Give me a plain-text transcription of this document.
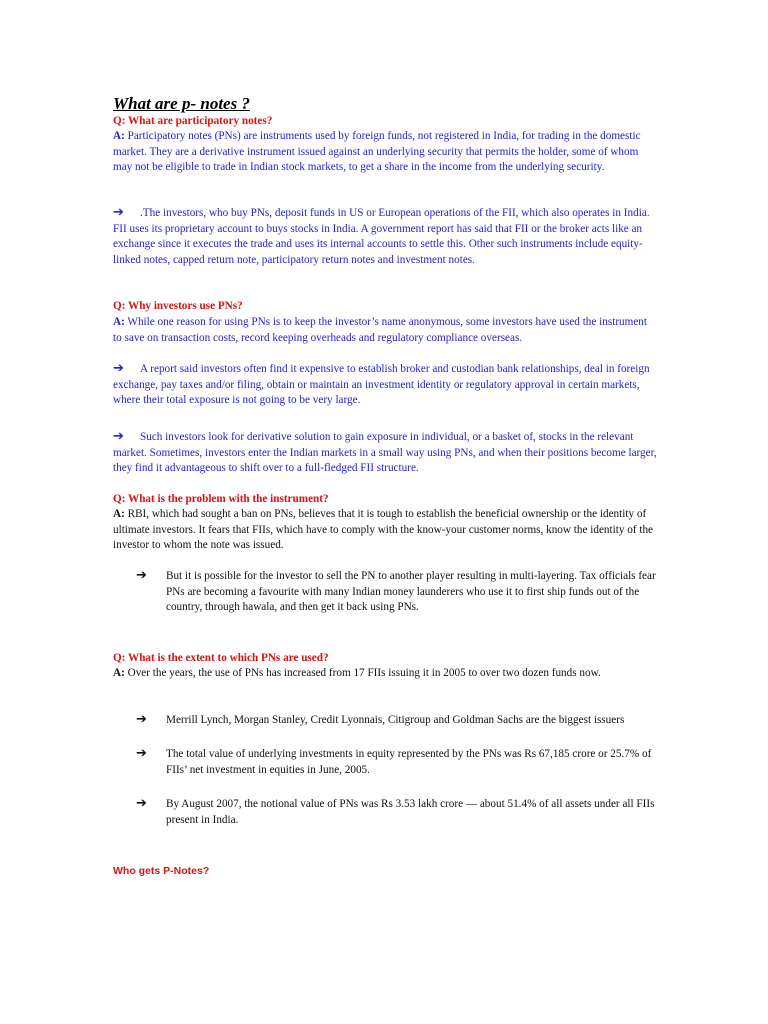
What are p- notes ?

Q: What are participatory notes?

A: Participatory notes (PNs) are instruments used by foreign funds, not registered in India, for trading in the domestic market. They are a derivative instrument issued against an underlying security that permits the holder, some of whom may not be eligible to trade in Indian stock markets, to get a share in the income from the underlying security.

➔ .The investors, who buy PNs, deposit funds in US or European operations of the FII, which also operates in India. FII uses its proprietary account to buys stocks in India. A government report has said that FII or the broker acts like an exchange since it executes the trade and uses its internal accounts to settle this. Other such instruments include equity-linked notes, capped return note, participatory return notes and investment notes.

Q: Why investors use PNs?

A: While one reason for using PNs is to keep the investor’s name anonymous, some investors have used the instrument to save on transaction costs, record keeping overheads and regulatory compliance overseas.

➔ A report said investors often find it expensive to establish broker and custodian bank relationships, deal in foreign exchange, pay taxes and/or filing, obtain or maintain an investment identity or regulatory approval in certain markets, where their total exposure is not going to be very large.

➔ Such investors look for derivative solution to gain exposure in individual, or a basket of, stocks in the relevant market. Sometimes, investors enter the Indian markets in a small way using PNs, and when their positions become larger, they find it advantageous to shift over to a full-fledged FII structure.

Q: What is the problem with the instrument?

A: RBI, which had sought a ban on PNs, believes that it is tough to establish the beneficial ownership or the identity of ultimate investors. It fears that FIIs, which have to comply with the know-your customer norms, know the identity of the investor to whom the note was issued.

➔	But it is possible for the investor to sell the PN to another player resulting in multi-layering. Tax officials fear PNs are becoming a favourite with many Indian money launderers who use it to first ship funds out of the country, through hawala, and then get it back using PNs.

Q: What is the extent to which PNs are used?

A: Over the years, the use of PNs has increased from 17 FIIs issuing it in 2005 to over two dozen funds now.

➔	Merrill Lynch, Morgan Stanley, Credit Lyonnais, Citigroup and Goldman Sachs are the biggest issuers
➔	The total value of underlying investments in equity represented by the PNs was Rs 67,185 crore or 25.7% of FIIs’ net investment in equities in June, 2005.
➔	By August 2007, the notional value of PNs was Rs 3.53 lakh crore — about 51.4% of all assets under all FIIs present in India.

Who gets P-Notes?
